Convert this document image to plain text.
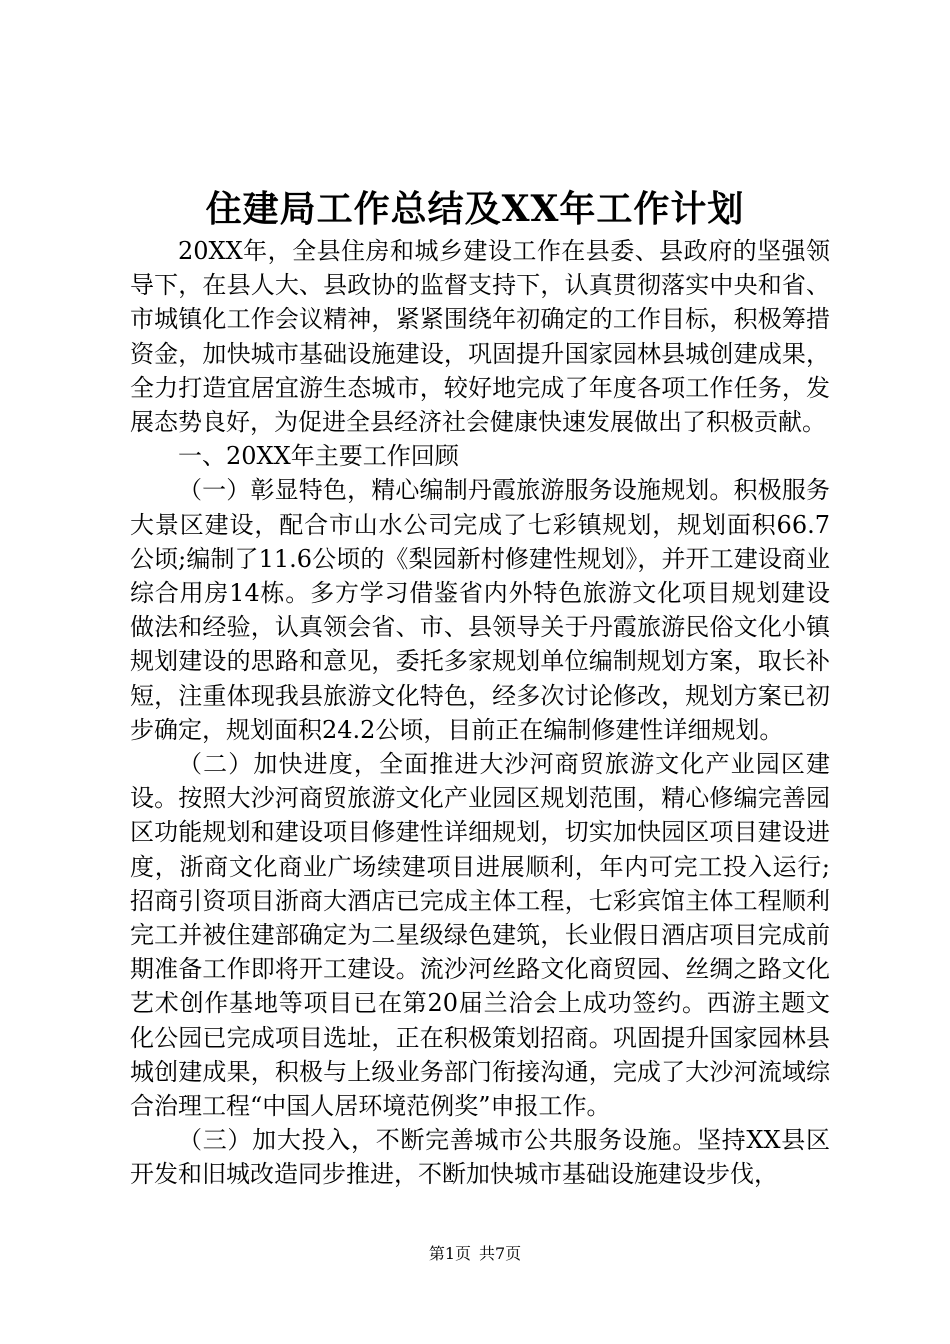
住建局工作总结及XX年工作计划

20XX年，全县住房和城乡建设工作在县委、县政府的坚强领导下，在县人大、县政协的监督支持下，认真贯彻落实中央和省、市城镇化工作会议精神，紧紧围绕年初确定的工作目标，积极筹措资金，加快城市基础设施建设，巩固提升国家园林县城创建成果，全力打造宜居宜游生态城市，较好地完成了年度各项工作任务，发展态势良好，为促进全县经济社会健康快速发展做出了积极贡献。

一、20XX年主要工作回顾

（一）彰显特色，精心编制丹霞旅游服务设施规划。积极服务大景区建设，配合市山水公司完成了七彩镇规划，规划面积66.7公顷;编制了11.6公顷的《梨园新村修建性规划》，并开工建设商业综合用房14栋。多方学习借鉴省内外特色旅游文化项目规划建设做法和经验，认真领会省、市、县领导关于丹霞旅游民俗文化小镇规划建设的思路和意见，委托多家规划单位编制规划方案，取长补短，注重体现我县旅游文化特色，经多次讨论修改，规划方案已初步确定，规划面积24.2公顷，目前正在编制修建性详细规划。

（二）加快进度，全面推进大沙河商贸旅游文化产业园区建设。按照大沙河商贸旅游文化产业园区规划范围，精心修编完善园区功能规划和建设项目修建性详细规划，切实加快园区项目建设进度，浙商文化商业广场续建项目进展顺利，年内可完工投入运行;招商引资项目浙商大酒店已完成主体工程，七彩宾馆主体工程顺利完工并被住建部确定为二星级绿色建筑，长业假日酒店项目完成前期准备工作即将开工建设。流沙河丝路文化商贸园、丝绸之路文化艺术创作基地等项目已在第20届兰洽会上成功签约。西游主题文化公园已完成项目选址，正在积极策划招商。巩固提升国家园林县城创建成果，积极与上级业务部门衔接沟通，完成了大沙河流域综合治理工程“中国人居环境范例奖”申报工作。

（三）加大投入，不断完善城市公共服务设施。坚持XX县区开发和旧城改造同步推进，不断加快城市基础设施建设步伐，

第1页 共7页
